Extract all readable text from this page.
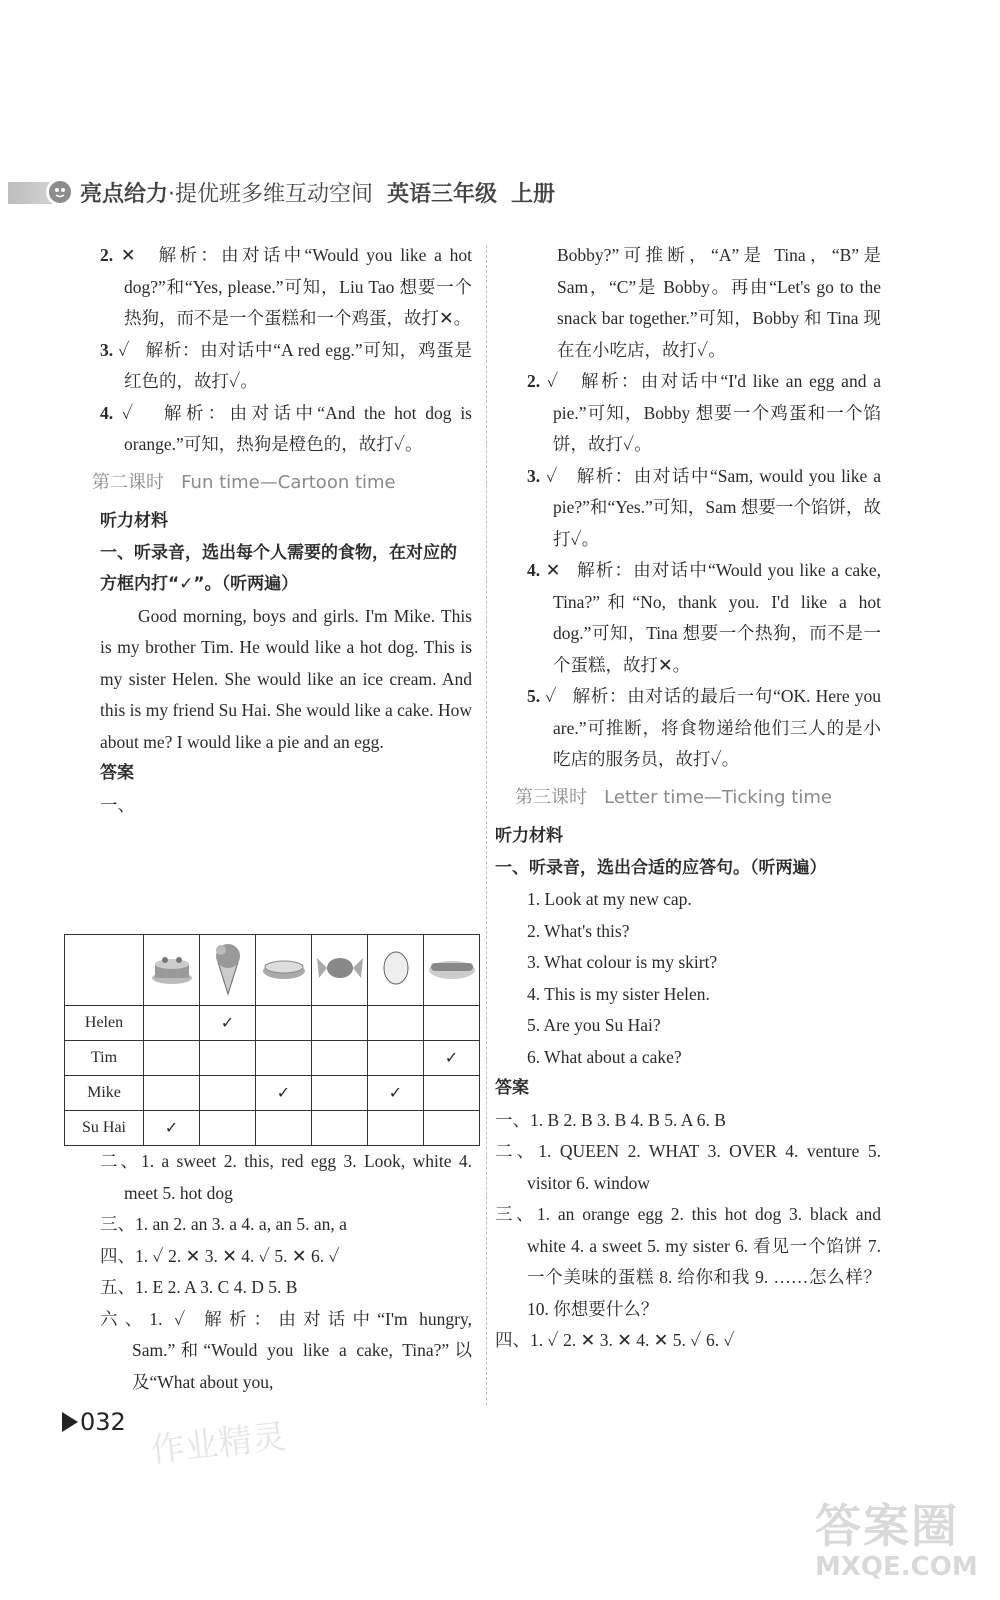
亮点给力·提优班多维互动空间 英语三年级 上册

2. ✕ 解析：由对话中“Would you like a hot dog?”和“Yes, please.”可知，Liu Tao 想要一个热狗，而不是一个蛋糕和一个鸡蛋，故打✕。

3. ✓ 解析：由对话中“A red egg.”可知，鸡蛋是红色的，故打✓。

4. ✓ 解析：由对话中“And the hot dog is orange.”可知，热狗是橙色的，故打✓。

第二课时 Fun time—Cartoon time

听力材料

一、听录音，选出每个人需要的食物，在对应的方框内打“✓”。（听两遍）

Good morning, boys and girls. I'm Mike. This is my brother Tim. He would like a hot dog. This is my sister Helen. She would like an ice cream. And this is my friend Su Hai. She would like a cake. How about me? I would like a pie and an egg.

答案

一、

Helen		✓				
Tim						✓
Mike			✓		✓	
Su Hai	✓					

二、1. a sweet 2. this, red egg 3. Look, white 4. meet 5. hot dog

三、1. an 2. an 3. a 4. a, an 5. an, a

四、1. ✓ 2. ✕ 3. ✕ 4. ✓ 5. ✕ 6. ✓

五、1. E 2. A 3. C 4. D 5. B

六、1. ✓ 解析：由对话中“I'm hungry, Sam.”和“Would you like a cake, Tina?”以及“What about you,

Bobby?”可推断，“A”是 Tina，“B”是 Sam，“C”是 Bobby。再由“Let's go to the snack bar together.”可知，Bobby 和 Tina 现在在小吃店，故打✓。

2. ✓ 解析：由对话中“I'd like an egg and a pie.”可知，Bobby 想要一个鸡蛋和一个馅饼，故打✓。

3. ✓ 解析：由对话中“Sam, would you like a pie?”和“Yes.”可知，Sam 想要一个馅饼，故打✓。

4. ✕ 解析：由对话中“Would you like a cake, Tina?”和“No, thank you. I'd like a hot dog.”可知，Tina 想要一个热狗，而不是一个蛋糕，故打✕。

5. ✓ 解析：由对话的最后一句“OK. Here you are.”可推断，将食物递给他们三人的是小吃店的服务员，故打✓。

第三课时 Letter time—Ticking time

听力材料

一、听录音，选出合适的应答句。（听两遍）

1. Look at my new cap.

2. What's this?

3. What colour is my skirt?

4. This is my sister Helen.

5. Are you Su Hai?

6. What about a cake?

答案

一、1. B 2. B 3. B 4. B 5. A 6. B

二、1. QUEEN 2. WHAT 3. OVER 4. venture 5. visitor 6. window

三、1. an orange egg 2. this hot dog 3. black and white 4. a sweet 5. my sister 6. 看见一个馅饼 7. 一个美味的蛋糕 8. 给你和我 9. ……怎么样？ 10. 你想要什么？

四、1. ✓ 2. ✕ 3. ✕ 4. ✕ 5. ✓ 6. ✓

032 作业精灵
答案圈
MXQE.COM
